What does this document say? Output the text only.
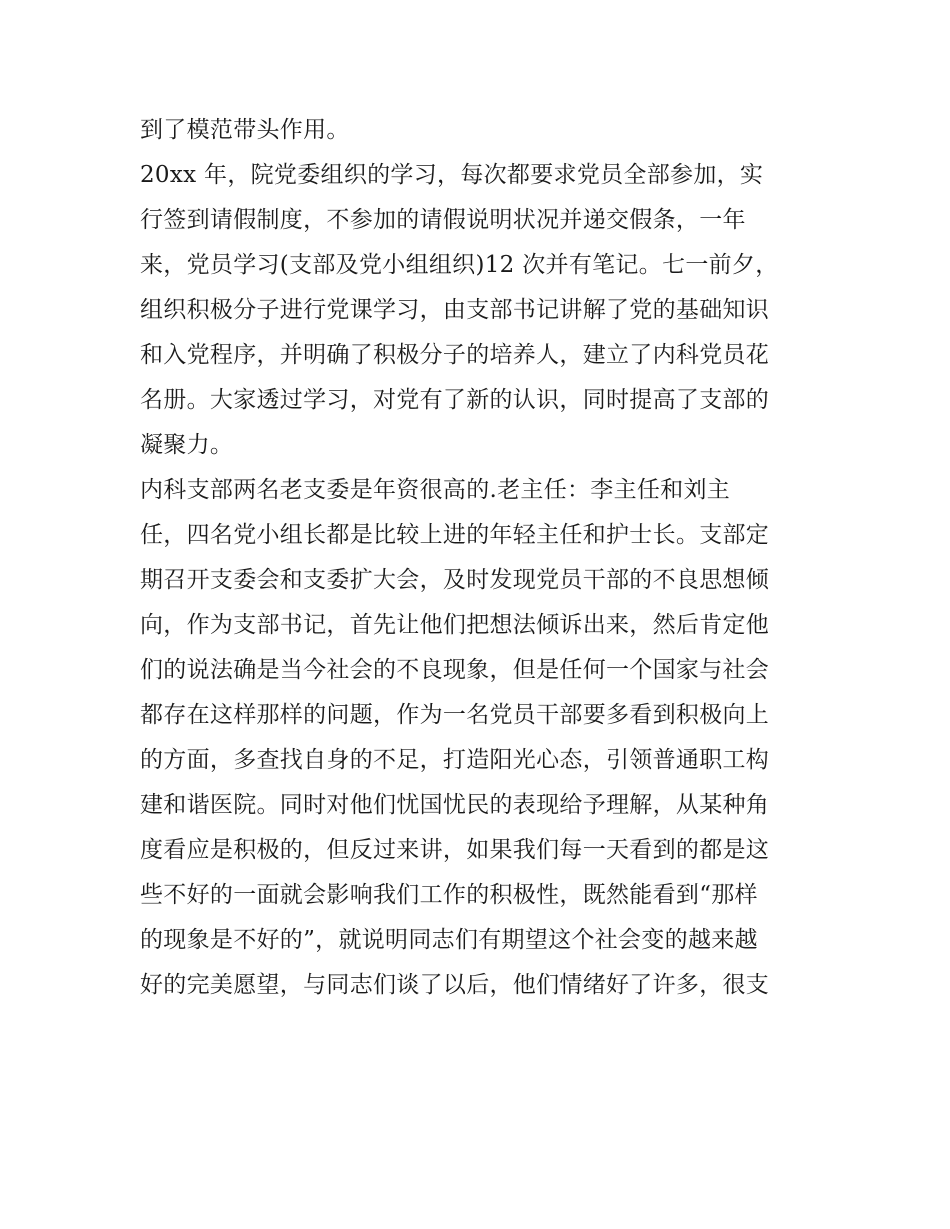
到了模范带头作用。
20xx 年，院党委组织的学习，每次都要求党员全部参加，实
行签到请假制度，不参加的请假说明状况并递交假条，一年
来，党员学习(支部及党小组组织)12 次并有笔记。七一前夕，
组织积极分子进行党课学习，由支部书记讲解了党的基础知识
和入党程序，并明确了积极分子的培养人，建立了内科党员花
名册。大家透过学习，对党有了新的认识，同时提高了支部的
凝聚力。
内科支部两名老支委是年资很高的.老主任：李主任和刘主
任，四名党小组长都是比较上进的年轻主任和护士长。支部定
期召开支委会和支委扩大会，及时发现党员干部的不良思想倾
向，作为支部书记，首先让他们把想法倾诉出来，然后肯定他
们的说法确是当今社会的不良现象，但是任何一个国家与社会
都存在这样那样的问题，作为一名党员干部要多看到积极向上
的方面，多查找自身的不足，打造阳光心态，引领普通职工构
建和谐医院。同时对他们忧国忧民的表现给予理解，从某种角
度看应是积极的，但反过来讲，如果我们每一天看到的都是这
些不好的一面就会影响我们工作的积极性，既然能看到“那样
的现象是不好的”，就说明同志们有期望这个社会变的越来越
好的完美愿望，与同志们谈了以后，他们情绪好了许多，很支
